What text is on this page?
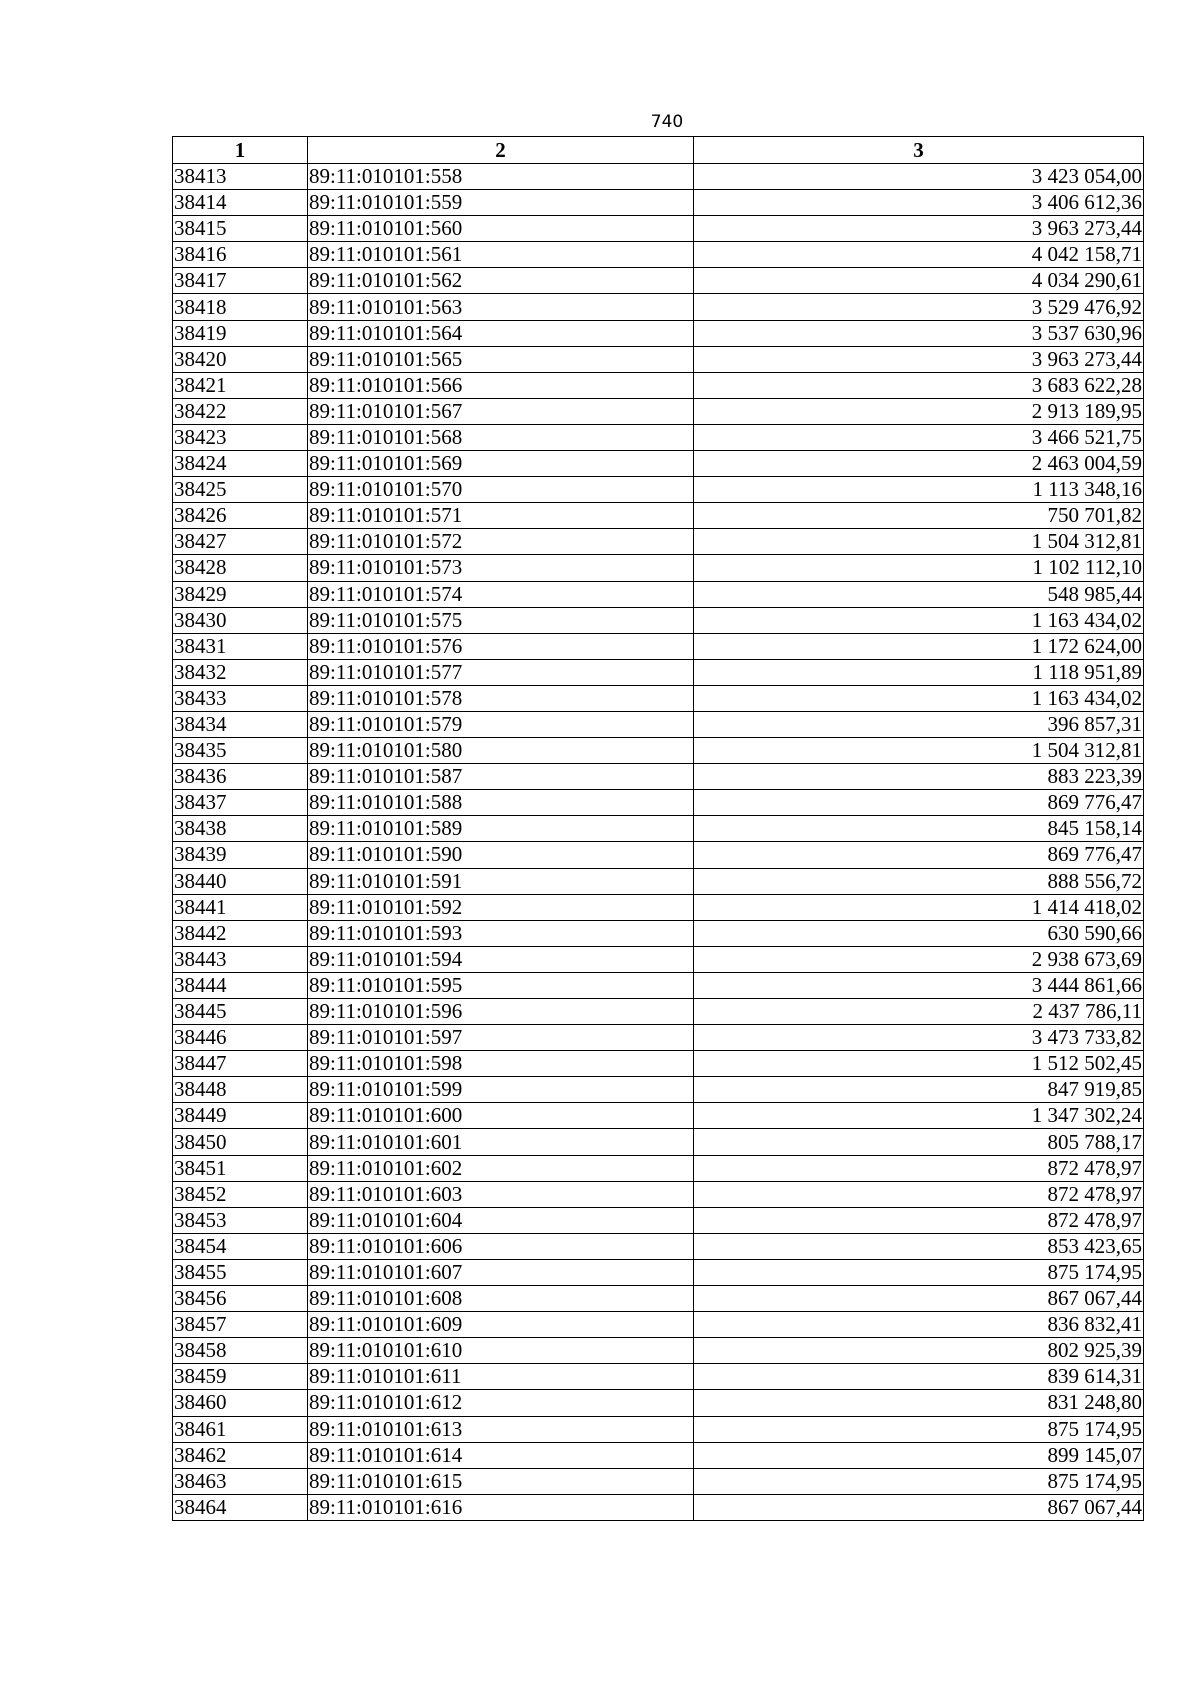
740
1	2	3
38413	89:11:010101:558	3 423 054,00
38414	89:11:010101:559	3 406 612,36
38415	89:11:010101:560	3 963 273,44
38416	89:11:010101:561	4 042 158,71
38417	89:11:010101:562	4 034 290,61
38418	89:11:010101:563	3 529 476,92
38419	89:11:010101:564	3 537 630,96
38420	89:11:010101:565	3 963 273,44
38421	89:11:010101:566	3 683 622,28
38422	89:11:010101:567	2 913 189,95
38423	89:11:010101:568	3 466 521,75
38424	89:11:010101:569	2 463 004,59
38425	89:11:010101:570	1 113 348,16
38426	89:11:010101:571	750 701,82
38427	89:11:010101:572	1 504 312,81
38428	89:11:010101:573	1 102 112,10
38429	89:11:010101:574	548 985,44
38430	89:11:010101:575	1 163 434,02
38431	89:11:010101:576	1 172 624,00
38432	89:11:010101:577	1 118 951,89
38433	89:11:010101:578	1 163 434,02
38434	89:11:010101:579	396 857,31
38435	89:11:010101:580	1 504 312,81
38436	89:11:010101:587	883 223,39
38437	89:11:010101:588	869 776,47
38438	89:11:010101:589	845 158,14
38439	89:11:010101:590	869 776,47
38440	89:11:010101:591	888 556,72
38441	89:11:010101:592	1 414 418,02
38442	89:11:010101:593	630 590,66
38443	89:11:010101:594	2 938 673,69
38444	89:11:010101:595	3 444 861,66
38445	89:11:010101:596	2 437 786,11
38446	89:11:010101:597	3 473 733,82
38447	89:11:010101:598	1 512 502,45
38448	89:11:010101:599	847 919,85
38449	89:11:010101:600	1 347 302,24
38450	89:11:010101:601	805 788,17
38451	89:11:010101:602	872 478,97
38452	89:11:010101:603	872 478,97
38453	89:11:010101:604	872 478,97
38454	89:11:010101:606	853 423,65
38455	89:11:010101:607	875 174,95
38456	89:11:010101:608	867 067,44
38457	89:11:010101:609	836 832,41
38458	89:11:010101:610	802 925,39
38459	89:11:010101:611	839 614,31
38460	89:11:010101:612	831 248,80
38461	89:11:010101:613	875 174,95
38462	89:11:010101:614	899 145,07
38463	89:11:010101:615	875 174,95
38464	89:11:010101:616	867 067,44
